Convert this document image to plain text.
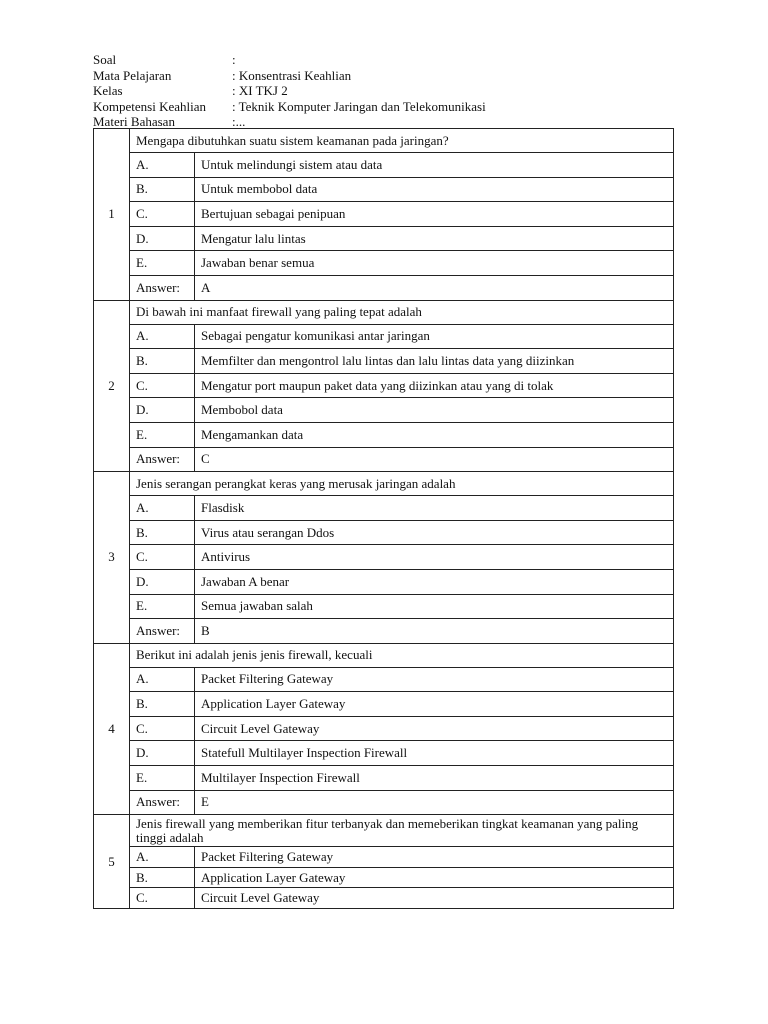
Soal	:
Mata Pelajaran	: Konsentrasi Keahlian
Kelas	: XI TKJ 2
Kompetensi Keahlian : Teknik Komputer Jaringan dan Telekomunikasi
Materi Bahasan	:...
1	Mengapa dibutuhkan suatu sistem keamanan pada jaringan?	
	A.	Untuk melindungi sistem atau data
	B.	Untuk membobol data
	C.	Bertujuan sebagai penipuan
	D.	Mengatur lalu lintas
	E.	Jawaban benar semua
	Answer:	A
2	Di bawah ini manfaat firewall yang paling tepat adalah	
	A.	Sebagai pengatur komunikasi antar jaringan
	B.	Memfilter dan mengontrol lalu lintas dan lalu lintas data yang diizinkan
	C.	Mengatur port maupun paket data yang diizinkan atau yang di tolak
	D.	Membobol data
	E.	Mengamankan data
	Answer:	C
3	Jenis serangan perangkat keras yang merusak jaringan adalah	
	A.	Flasdisk
	B.	Virus atau serangan Ddos
	C.	Antivirus
	D.	Jawaban A benar
	E.	Semua jawaban salah
	Answer:	B
4	Berikut ini adalah jenis jenis firewall, kecuali	
	A.	Packet Filtering Gateway
	B.	Application Layer Gateway
	C.	Circuit Level Gateway
	D.	Statefull Multilayer Inspection Firewall
	E.	Multilayer Inspection Firewall
	Answer:	E
5	Jenis firewall yang memberikan fitur terbanyak dan memeberikan tingkat keamanan yang paling tinggi adalah	
	A.	Packet Filtering Gateway
	B.	Application Layer Gateway
	C.	Circuit Level Gateway
